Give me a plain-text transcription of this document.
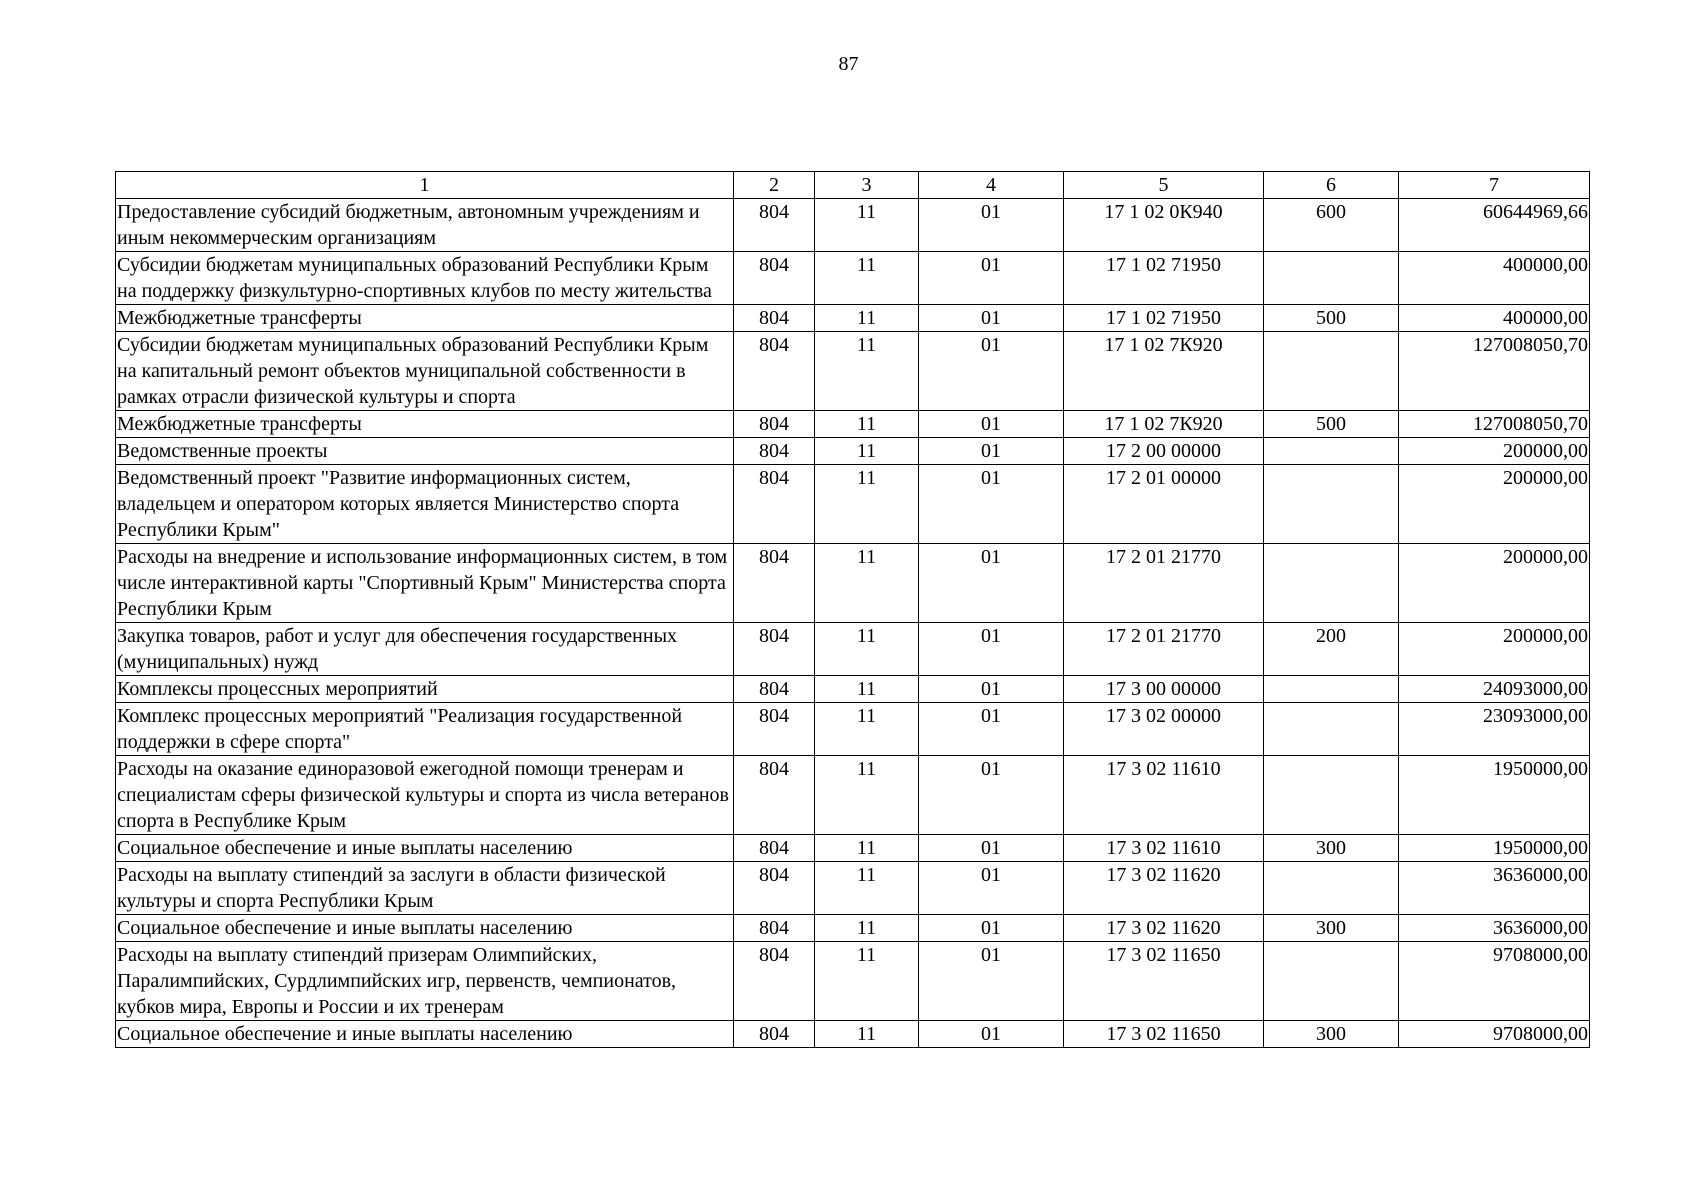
87
1	2	3	4	5	6	7
Предоставление субсидий бюджетным, автономным учреждениям и иным некоммерческим организациям	804	11	01	17 1 02 0К940	600	60644969,66
Субсидии бюджетам муниципальных образований Республики Крым на поддержку физкультурно-спортивных клубов по месту жительства	804	11	01	17 1 02 71950		400000,00
Межбюджетные трансферты	804	11	01	17 1 02 71950	500	400000,00
Субсидии бюджетам муниципальных образований Республики Крым на капитальный ремонт объектов муниципальной собственности в рамках отрасли физической культуры и спорта	804	11	01	17 1 02 7К920		127008050,70
Межбюджетные трансферты	804	11	01	17 1 02 7К920	500	127008050,70
Ведомственные проекты	804	11	01	17 2 00 00000		200000,00
Ведомственный проект "Развитие информационных систем, владельцем и оператором которых является Министерство спорта Республики Крым"	804	11	01	17 2 01 00000		200000,00
Расходы на внедрение и использование информационных систем, в том числе интерактивной карты "Спортивный Крым" Министерства спорта Республики Крым	804	11	01	17 2 01 21770		200000,00
Закупка товаров, работ и услуг для обеспечения государственных (муниципальных) нужд	804	11	01	17 2 01 21770	200	200000,00
Комплексы процессных мероприятий	804	11	01	17 3 00 00000		24093000,00
Комплекс процессных мероприятий "Реализация государственной поддержки в сфере спорта"	804	11	01	17 3 02 00000		23093000,00
Расходы на оказание единоразовой ежегодной помощи тренерам и специалистам сферы физической культуры и спорта из числа ветеранов спорта в Республике Крым	804	11	01	17 3 02 11610		1950000,00
Социальное обеспечение и иные выплаты населению	804	11	01	17 3 02 11610	300	1950000,00
Расходы на выплату стипендий за заслуги в области физической культуры и спорта Республики Крым	804	11	01	17 3 02 11620		3636000,00
Социальное обеспечение и иные выплаты населению	804	11	01	17 3 02 11620	300	3636000,00
Расходы на выплату стипендий призерам Олимпийских, Паралимпийских, Сурдлимпийских игр, первенств, чемпионатов, кубков мира, Европы и России и их тренерам	804	11	01	17 3 02 11650		9708000,00
Социальное обеспечение и иные выплаты населению	804	11	01	17 3 02 11650	300	9708000,00
